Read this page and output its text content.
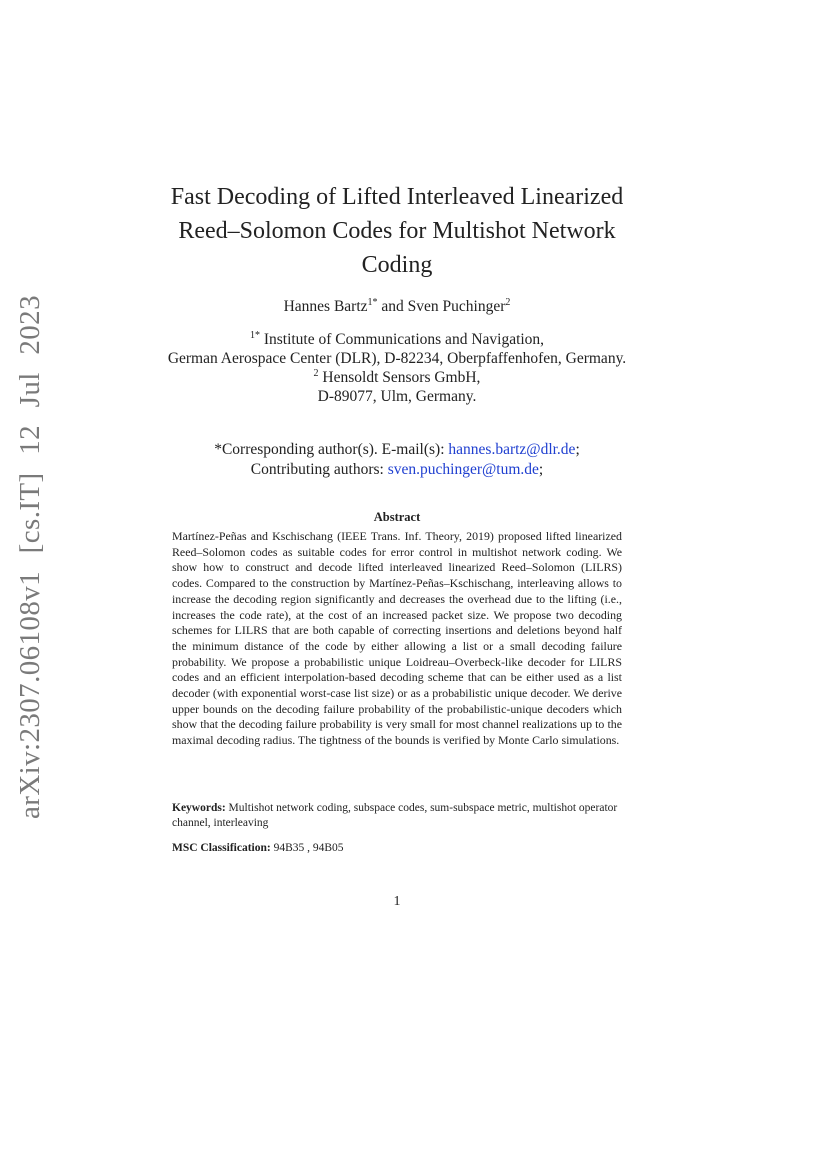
arXiv:2307.06108v1 [cs.IT] 12 Jul 2023
Fast Decoding of Lifted Interleaved Linearized Reed–Solomon Codes for Multishot Network Coding
Hannes Bartz$^{1*}$ and Sven Puchinger$^2$
$^{1*}$ Institute of Communications and Navigation,
German Aerospace Center (DLR), D-82234, Oberpfaffenhofen, Germany.
$^2$ Hensoldt Sensors GmbH,
D-89077, Ulm, Germany.
*Corresponding author(s). E-mail(s): hannes.bartz@dlr.de;
Contributing authors: sven.puchinger@tum.de;
Abstract
Martínez-Peñas and Kschischang (IEEE Trans. Inf. Theory, 2019) proposed lifted linearized Reed–Solomon codes as suitable codes for error control in multishot network coding. We show how to construct and decode lifted interleaved linearized Reed–Solomon (LILRS) codes. Compared to the construction by Martínez-Peñas–Kschischang, interleaving allows to increase the decoding region significantly and decreases the overhead due to the lifting (i.e., increases the code rate), at the cost of an increased packet size. We propose two decoding schemes for LILRS that are both capable of correcting insertions and deletions beyond half the minimum distance of the code by either allowing a list or a small decoding failure probability. We propose a probabilistic unique Loidreau–Overbeck-like decoder for LILRS codes and an efficient interpolation-based decoding scheme that can be either used as a list decoder (with exponential worst-case list size) or as a probabilistic unique decoder. We derive upper bounds on the decoding failure probability of the probabilistic-unique decoders which show that the decoding failure probability is very small for most channel realizations up to the maximal decoding radius. The tightness of the bounds is verified by Monte Carlo simulations.
Keywords: Multishot network coding, subspace codes, sum-subspace metric, multishot operator channel, interleaving
MSC Classification: 94B35 , 94B05
1
